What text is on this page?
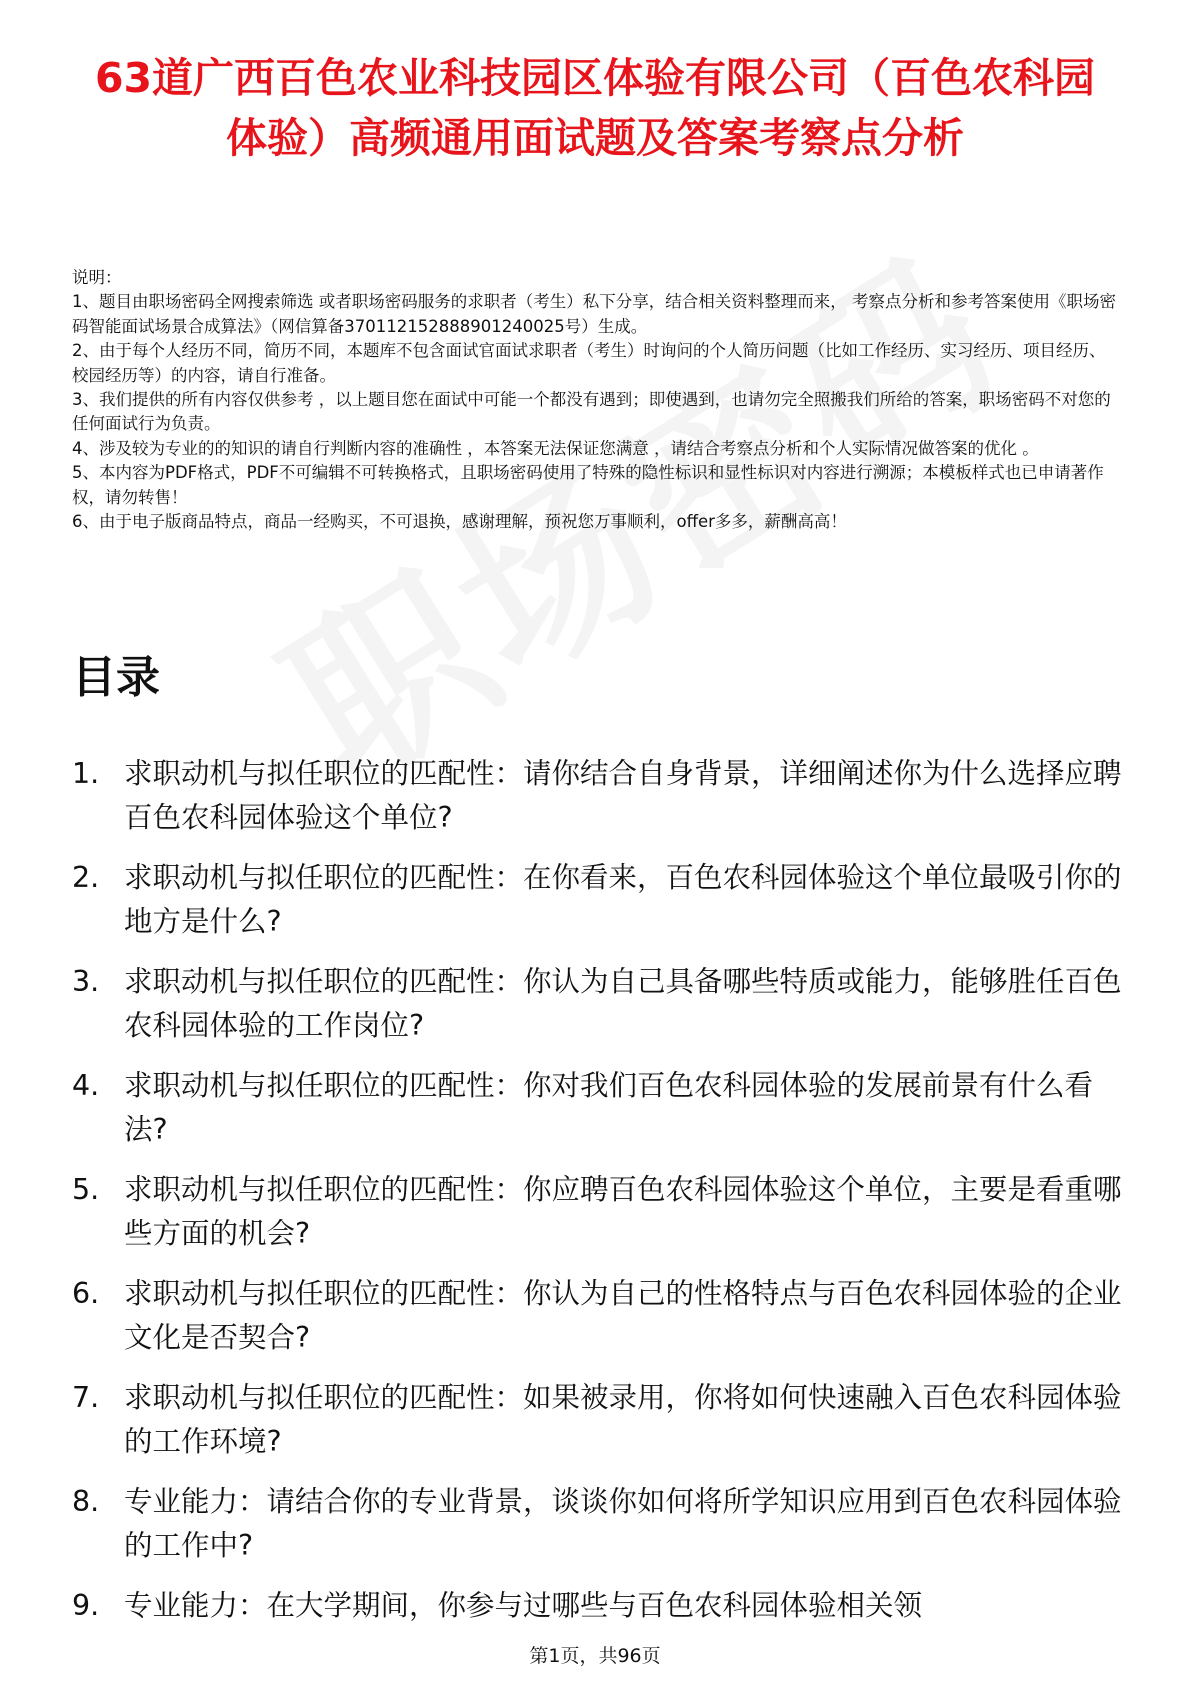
63道广西百色农业科技园区体验有限公司（百色农科园体验）高频通用面试题及答案考察点分析

说明：

1、题目由职场密码全网搜索筛选 或者职场密码服务的求职者（考生）私下分享，结合相关资料整理而来， 考察点分析和参考答案使用《职场密码智能面试场景合成算法》（网信算备370112152888901240025号）生成。

2、由于每个人经历不同，简历不同，本题库不包含面试官面试求职者（考生）时询问的个人简历问题（比如工作经历、实习经历、项目经历、校园经历等）的内容，请自行准备。

3、我们提供的所有内容仅供参考 ，以上题目您在面试中可能一个都没有遇到；即使遇到，也请勿完全照搬我们所给的答案，职场密码不对您的任何面试行为负责。

4、涉及较为专业的的知识的请自行判断内容的准确性 ，本答案无法保证您满意 ，请结合考察点分析和个人实际情况做答案的优化 。

5、本内容为PDF格式，PDF不可编辑不可转换格式，且职场密码使用了特殊的隐性标识和显性标识对内容进行溯源；本模板样式也已申请著作权，请勿转售！

6、由于电子版商品特点，商品一经购买，不可退换，感谢理解，预祝您万事顺利，offer多多，薪酬高高！

目录
1. 求职动机与拟任职位的匹配性：请你结合自身背景，详细阐述你为什么选择应聘百色农科园体验这个单位?
2. 求职动机与拟任职位的匹配性：在你看来，百色农科园体验这个单位最吸引你的地方是什么?
3. 求职动机与拟任职位的匹配性：你认为自己具备哪些特质或能力，能够胜任百色农科园体验的工作岗位?
4. 求职动机与拟任职位的匹配性：你对我们百色农科园体验的发展前景有什么看法?
5. 求职动机与拟任职位的匹配性：你应聘百色农科园体验这个单位，主要是看重哪些方面的机会?
6. 求职动机与拟任职位的匹配性：你认为自己的性格特点与百色农科园体验的企业文化是否契合?
7. 求职动机与拟任职位的匹配性：如果被录用，你将如何快速融入百色农科园体验的工作环境?
8. 专业能力：请结合你的专业背景，谈谈你如何将所学知识应用到百色农科园体验的工作中?
9. 专业能力：在大学期间，你参与过哪些与百色农科园体验相关领
第1页，共96页
